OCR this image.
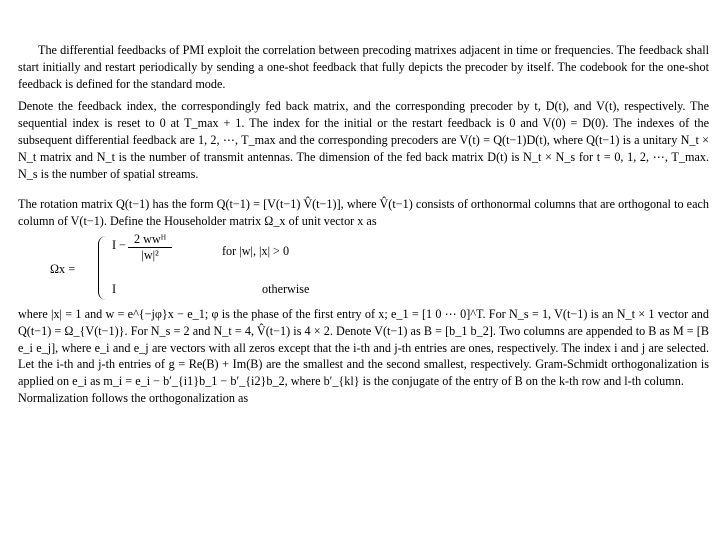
The differential feedbacks of PMI exploit the correlation between precoding matrixes adjacent in time or frequencies. The feedback shall start initially and restart periodically by sending a one-shot feedback that fully depicts the precoder by itself. The codebook for the one-shot feedback is defined for the standard mode.

Denote the feedback index, the correspondingly fed back matrix, and the corresponding precoder by t, D(t), and V(t), respectively. The sequential index is reset to 0 at T_max + 1. The index for the initial or the restart feedback is 0 and V(0) = D(0). The indexes of the subsequent differential feedback are 1, 2, ⋯, T_max and the corresponding precoders are V(t) = Q(t−1)D(t), where Q(t−1) is a unitary N_t × N_t matrix and N_t is the number of transmit antennas. The dimension of the fed back matrix D(t) is N_t × N_s for t = 0, 1, 2, ⋯, T_max. N_s is the number of spatial streams.

The rotation matrix Q(t−1) has the form Q(t−1) = [V(t−1) V̂(t−1)], where V̂(t−1) consists of orthonormal columns that are orthogonal to each column of V(t−1). Define the Householder matrix Ω_x of unit vector x as

Ωx =
I − 2 wwᴴ
|w|²	for |w|, |x| > 0
I	otherwise

where |x| = 1 and w = e^{−jφ}x − e_1; φ is the phase of the first entry of x; e_1 = [1 0 ⋯ 0]^T. For N_s = 1, V(t−1) is an N_t × 1 vector and Q(t−1) = Ω_{V(t−1)}. For N_s = 2 and N_t = 4, V̂(t−1) is 4 × 2. Denote V(t−1) as B = [b_1 b_2]. Two columns are appended to B as M = [B e_i e_j], where e_i and e_j are vectors with all zeros except that the i-th and j-th entries are ones, respectively. The index i and j are selected. Let the i-th and j-th entries of g = Re(B) + Im(B) are the smallest and the second smallest, respectively. Gram-Schmidt orthogonalization is applied on e_i as m_i = e_i − b′_{i1}b_1 − b′_{i2}b_2, where b′_{kl} is the conjugate of the entry of B on the k-th row and l-th column.

Normalization follows the orthogonalization as
